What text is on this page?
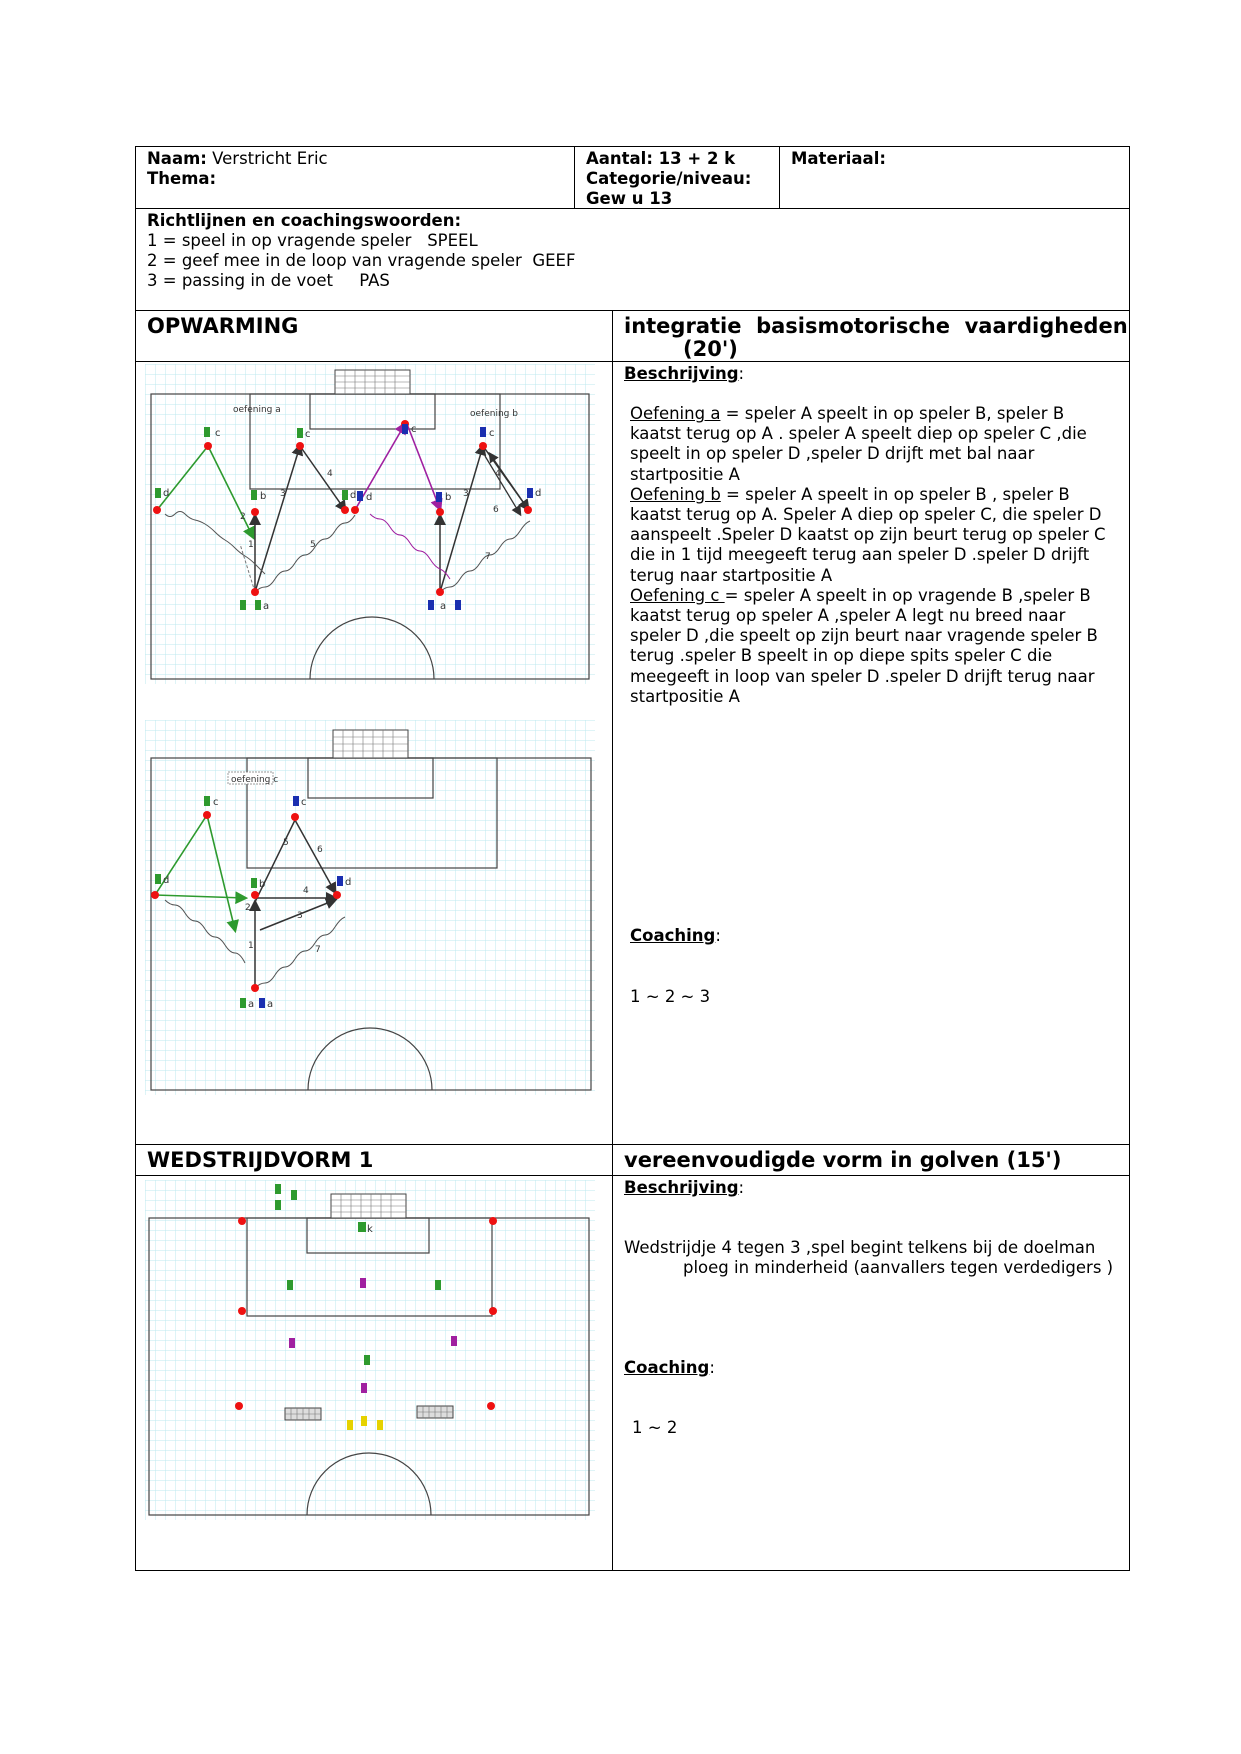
Naam: Verstricht Eric
Thema:
Aantal: 13 + 2 k
Categorie/niveau:
Gew u 13
Materiaal:
Richtlijnen en coachingswoorden:
1 = speel in op vragende speler   SPEEL
2 = geef mee in de loop van vragende speler  GEEF
3 = passing in de voet     PAS
OPWARMING	integratie  basismotorische  vaardigheden
(20')
Beschrijving:

Oefening a = speler A speelt in op speler B, speler B kaatst terug op A . speler A speelt diep op speler C ,die speelt in op speler D ,speler D drijft met bal naar startpositie A

Oefening b = speler A speelt in op speler B , speler B kaatst terug op A. Speler A diep op speler C, die speler D aanspeelt .Speler D kaatst op zijn beurt terug op speler C die in 1 tijd meegeeft terug aan speler D .speler D drijft terug naar startpositie A

Oefening c = speler A speelt in op vragende B ,speler B kaatst terug op speler A ,speler A legt nu breed naar speler D ,die speelt op zijn beurt naar vragende speler B terug .speler B speelt in op diepe spits speler C die meegeeft in loop van speler D .speler D drijft terug naar startpositie A

Coaching:
1 ~ 2 ~ 3
oefening a	oefening b
1
2
3
4
5
3
4
6
7
c
d	b
c
d
a
c
d	b
c
d
a
oefening c
1
2
3
4
5
6
7
c
d	b
c
d
a a
WEDSTRIJDVORM 1	vereenvoudigde vorm in golven (15')
Beschrijving:
Wedstrijdje 4 tegen 3 ,spel begint telkens bij de doelman
ploeg in minderheid (aanvallers tegen verdedigers )
Coaching:
1 ~ 2
k
